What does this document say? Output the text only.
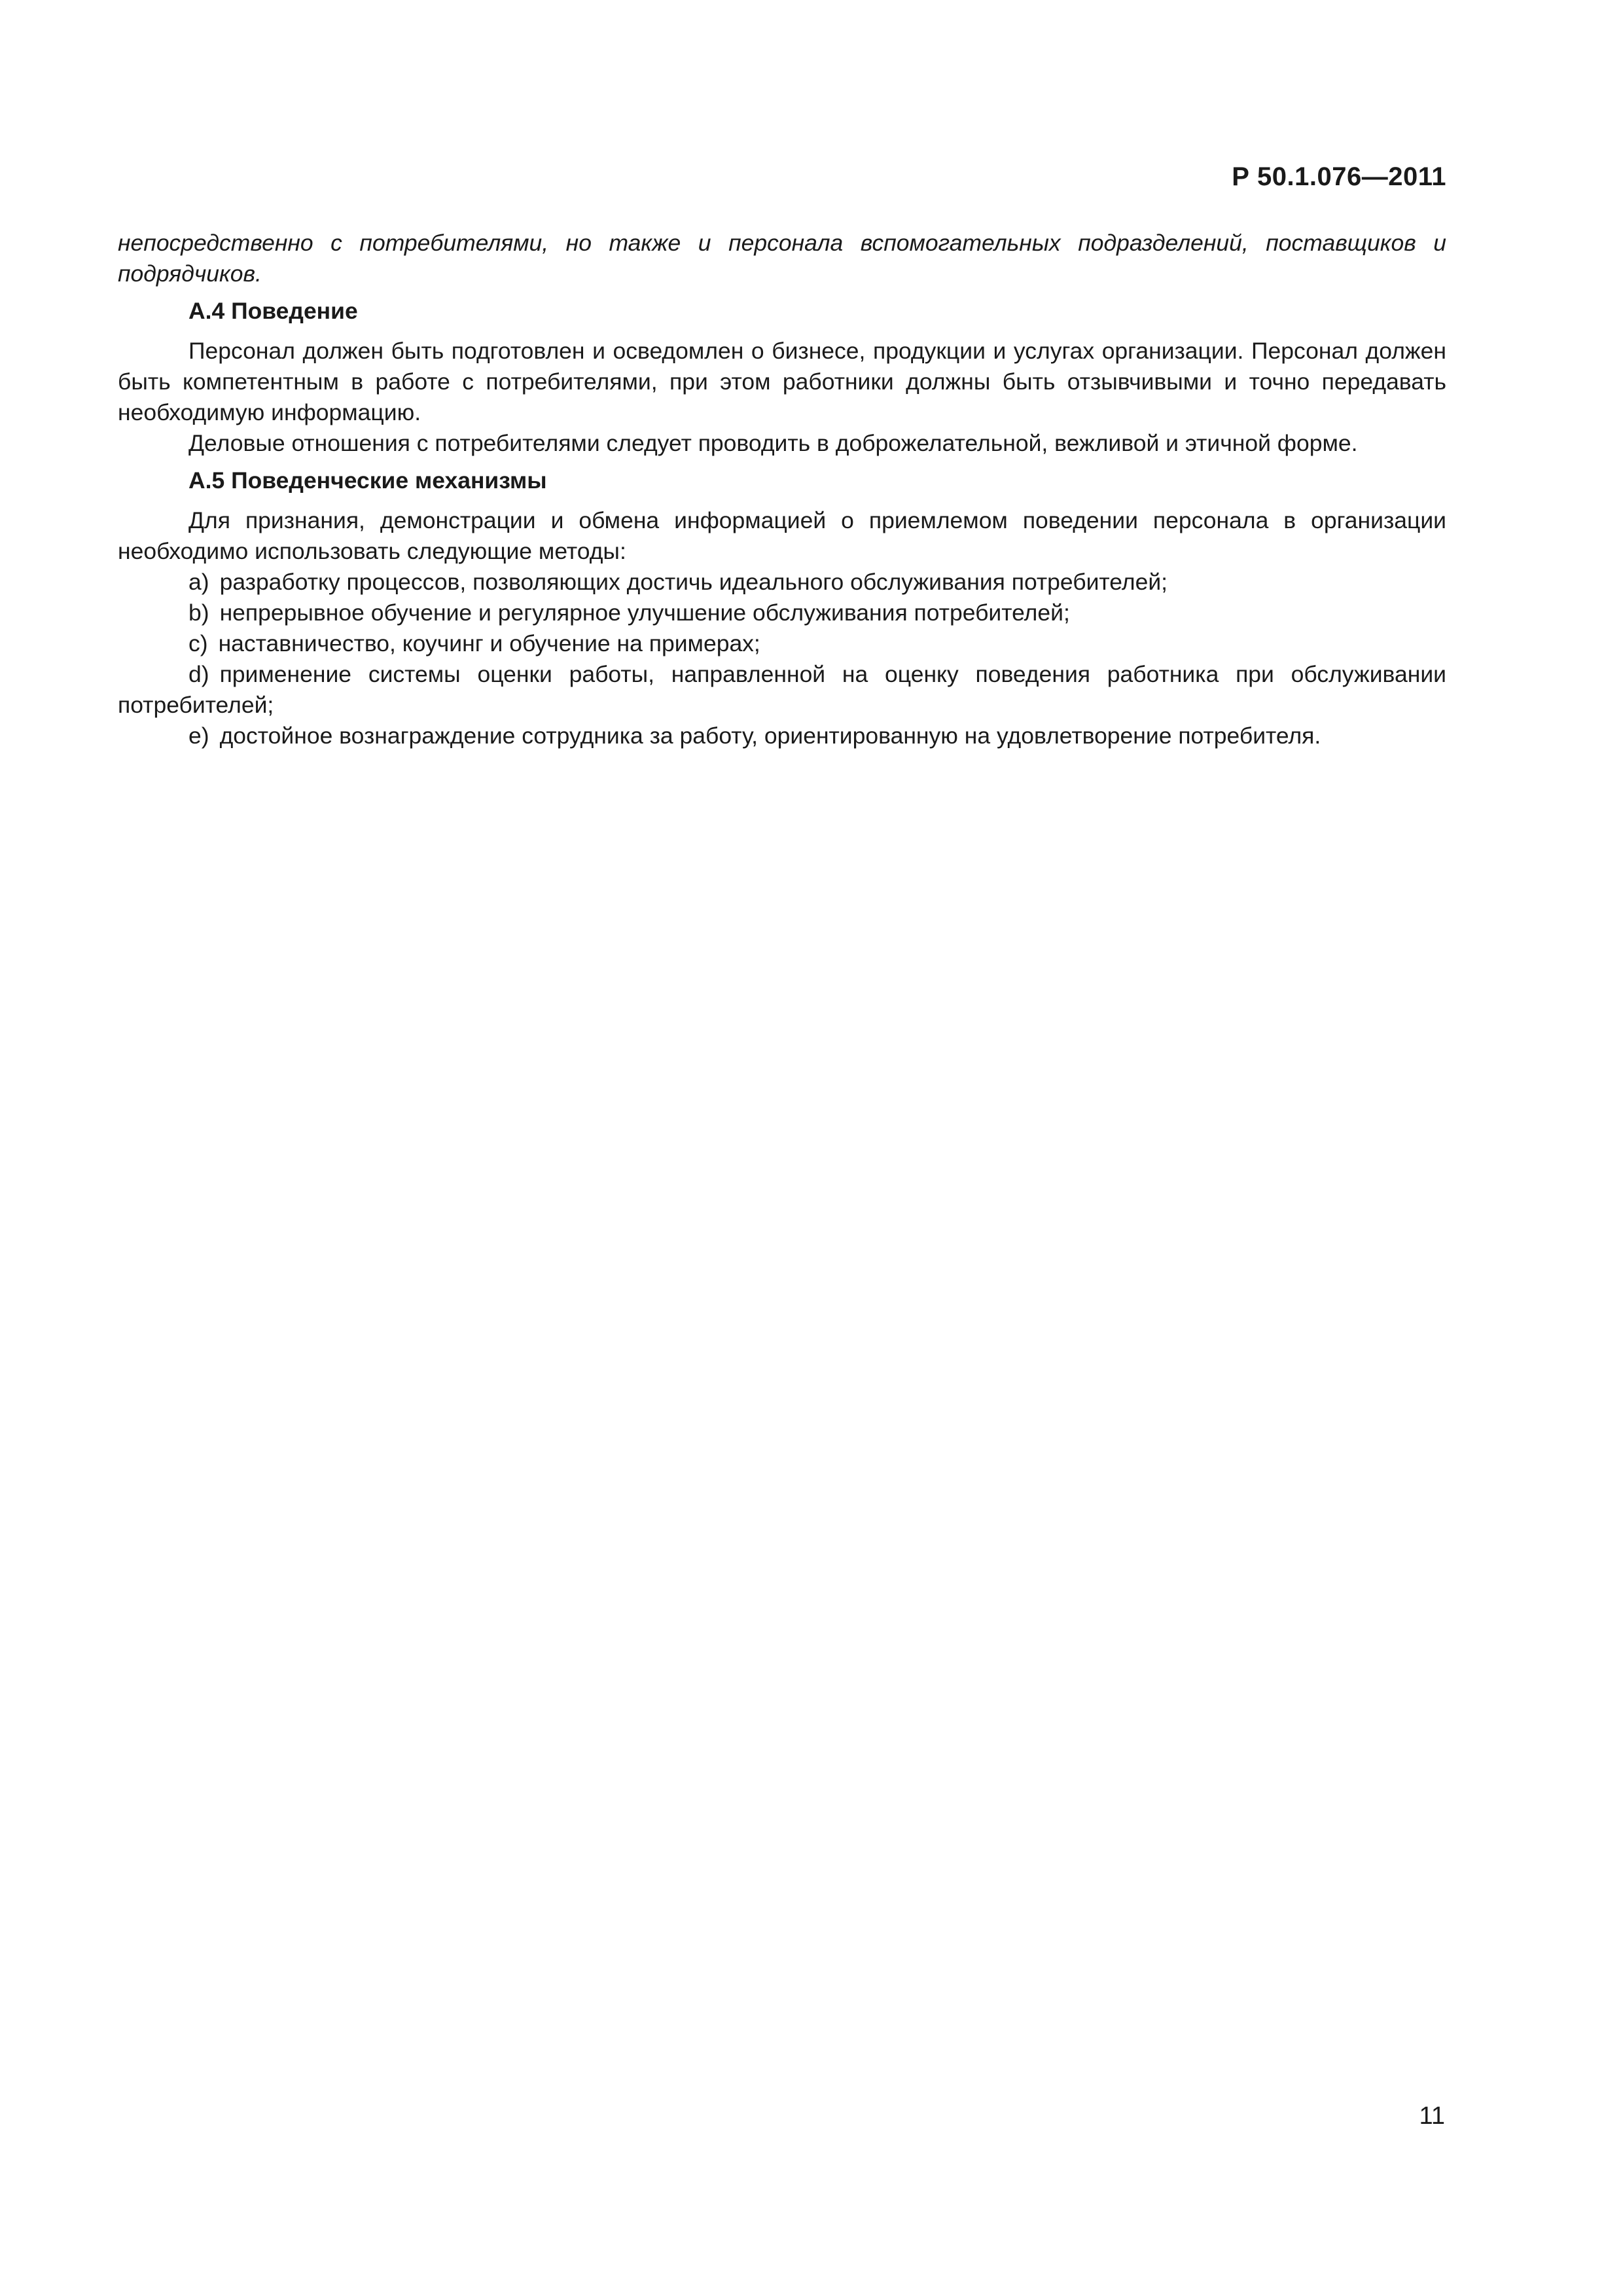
Р 50.1.076—2011

непосредственно с потребителями, но также и персонала вспомогательных подразделений, поставщиков и подрядчиков.

А.4 Поведение

Персонал должен быть подготовлен и осведомлен о бизнесе, продукции и услугах организации. Персонал должен быть компетентным в работе с потребителями, при этом работники должны быть отзывчивыми и точно передавать необходимую информацию.

Деловые отношения с потребителями следует проводить в доброжелательной, вежливой и этичной форме.

А.5 Поведенческие механизмы

Для признания, демонстрации и обмена информацией о приемлемом поведении персонала в организации необходимо использовать следующие методы:

a) разработку процессов, позволяющих достичь идеального обслуживания потребителей;

b) непрерывное обучение и регулярное улучшение обслуживания потребителей;

c) наставничество, коучинг и обучение на примерах;

d) применение системы оценки работы, направленной на оценку поведения работника при обслуживании потребителей;

e) достойное вознаграждение сотрудника за работу, ориентированную на удовлетворение потребителя.

11
